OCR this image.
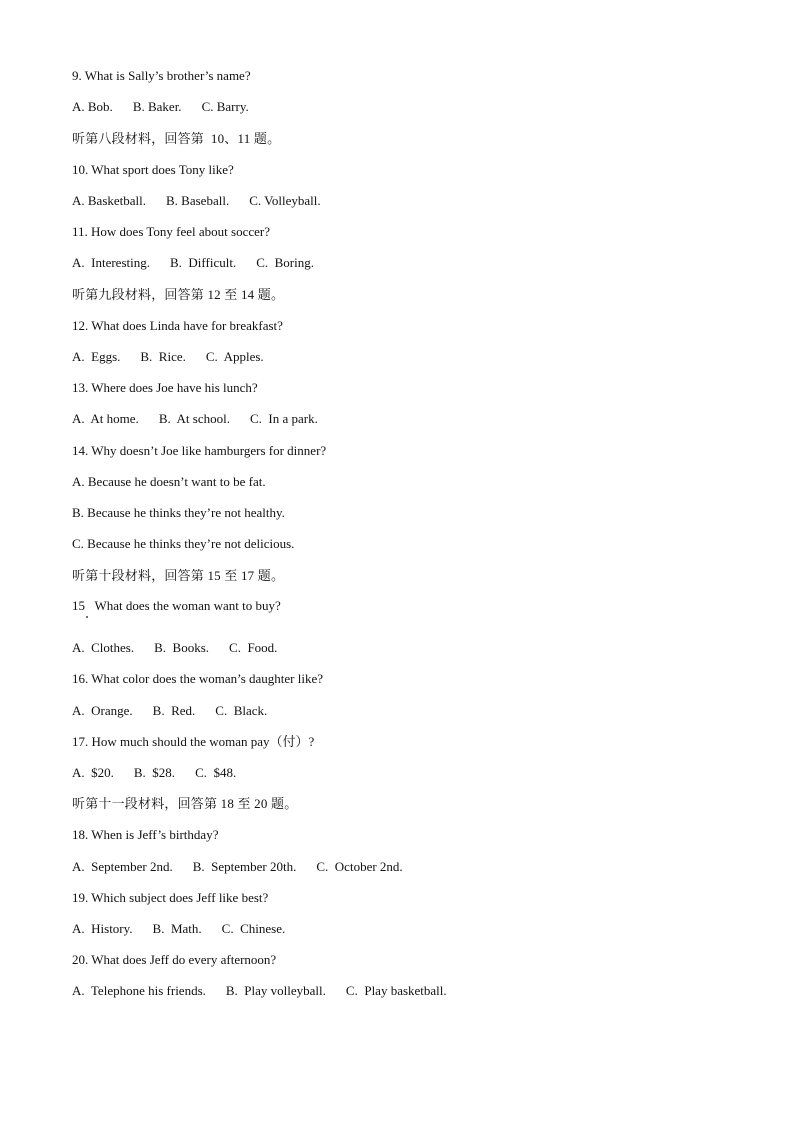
9. What is Sally’s brother’s name?
A. Bob. B. Baker. C. Barry.
听第八段材料，回答第  10、11 题。
10. What sport does Tony like?
A. Basketball. B. Baseball. C. Volleyball.
11. How does Tony feel about soccer?
A.  Interesting. B.  Difficult. C.  Boring.
听第九段材料，回答第 12 至 14 题。
12. What does Linda have for breakfast?
A.  Eggs. B.  Rice. C.  Apples.
13. Where does Joe have his lunch?
A.  At home. B.  At school. C.  In a park.
14. Why doesn’t Joe like hamburgers for dinner?
A. Because he doesn’t want to be fat.
B. Because he thinks they’re not healthy.
C. Because he thinks they’re not delicious.
听第十段材料，回答第 15 至 17 题。
15   What does the woman want to buy?
A.  Clothes. B.  Books. C.  Food.
16. What color does the woman’s daughter like?
A.  Orange. B.  Red. C.  Black.
17. How much should the woman pay（付）?
A.  $20. B.  $28. C.  $48.
听第十一段材料，回答第 18 至 20 题。
18. When is Jeff’s birthday?
A.  September 2nd. B.  September 20th. C.  October 2nd.
19. Which subject does Jeff like best?
A.  History. B.  Math. C.  Chinese.
20. What does Jeff do every afternoon?
A.  Telephone his friends. B.  Play volleyball. C.  Play basketball.
